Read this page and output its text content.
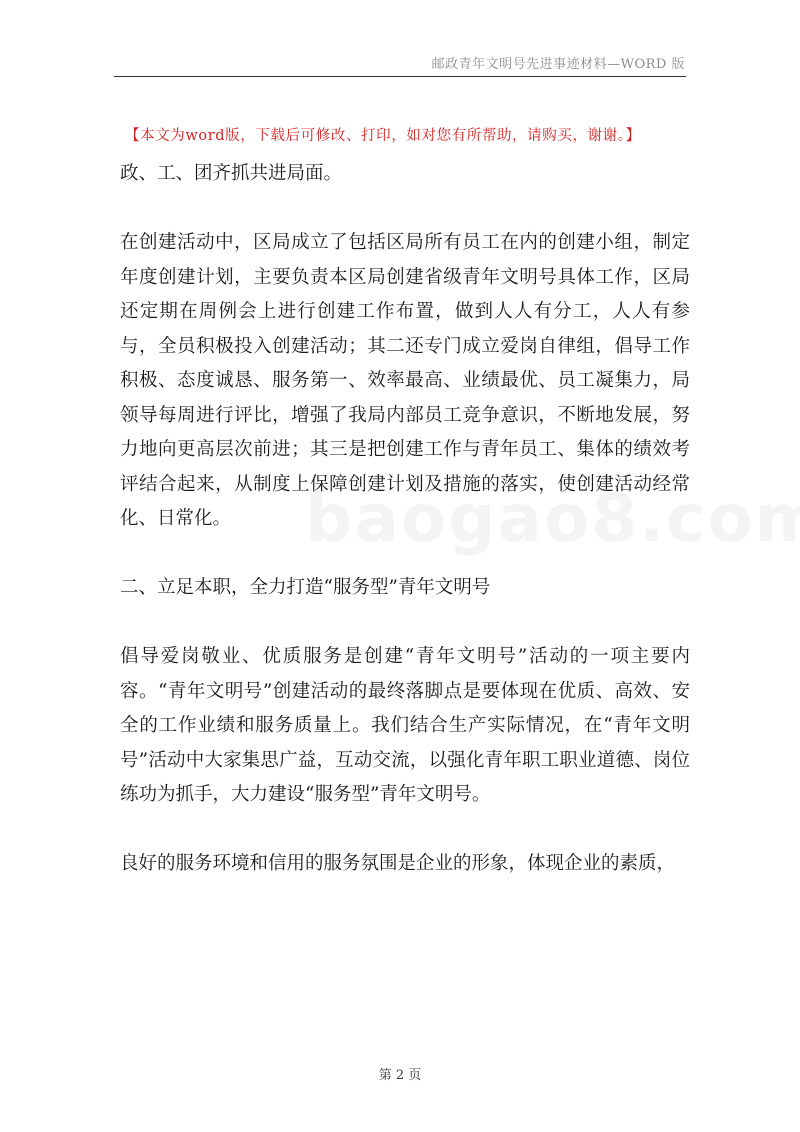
邮政青年文明号先进事迹材料—WORD 版
【本文为word版，下载后可修改、打印，如对您有所帮助，请购买，谢谢。】

政、工、团齐抓共进局面。

在创建活动中，区局成立了包括区局所有员工在内的创建小组，制定年度创建计划，主要负责本区局创建省级青年文明号具体工作，区局还定期在周例会上进行创建工作布置，做到人人有分工，人人有参与，全员积极投入创建活动；其二还专门成立爱岗自律组，倡导工作积极、态度诚恳、服务第一、效率最高、业绩最优、员工凝集力，局领导每周进行评比，增强了我局内部员工竞争意识，不断地发展，努力地向更高层次前进；其三是把创建工作与青年员工、集体的绩效考评结合起来，从制度上保障创建计划及措施的落实，使创建活动经常化、日常化。

二、立足本职，全力打造“服务型”青年文明号

倡导爱岗敬业、优质服务是创建“青年文明号”活动的一项主要内容。“青年文明号”创建活动的最终落脚点是要体现在优质、高效、安全的工作业绩和服务质量上。我们结合生产实际情况，在“青年文明号”活动中大家集思广益，互动交流，以强化青年职工职业道德、岗位练功为抓手，大力建设“服务型”青年文明号。

良好的服务环境和信用的服务氛围是企业的形象，体现企业的素质，

第 2 页
